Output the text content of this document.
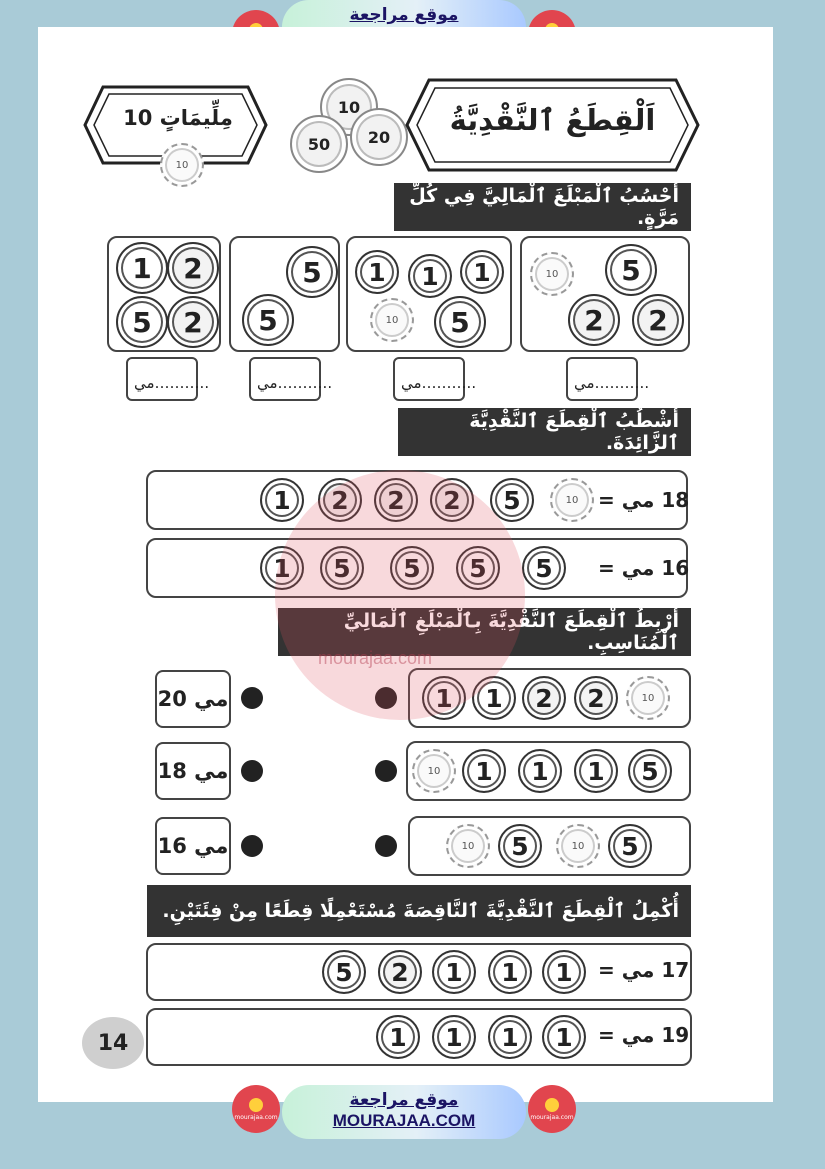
موقع مراجعة
10 مِلِّيمَاتٍ
10
10
50	20	اَلْقِطَعُ ٱلنَّقْدِيَّةُ
أَحْسُبُ ٱلْمَبْلَغَ ٱلْمَالِيَّ فِي كُلِّ مَرَّةٍ.
1	2
5	2
5
5
1	1	1
10	5
10	5
2	2
مي………..	مي………..	مي………..	مي………..
أَشْطُبُ ٱلْقِطَعَ ٱلنَّقْدِيَّةَ ٱلزَّائِدَةَ.
1	2	2	2	5	10 18 مي =
1	5	5	5	5	16 مي =
أَرْبِطُ ٱلْقِطَعَ ٱلنَّقْدِيَّةَ بِٱلْمَبْلَغِ ٱلْمَالِيِّ ٱلْمُنَاسِبِ.
20 مي
18 مي
16 مي
1	1	2	2	10
10	1	1	1	5
10	5	10	5
أُكْمِلُ ٱلْقِطَعَ ٱلنَّقْدِيَّةَ ٱلنَّاقِصَةَ مُسْتَعْمِلًا قِطَعًا مِنْ فِئَتَيْنِ.
5	2	1	1	1	17 مي =
1	1	1	1	19 مي =
14
mourajaa.com
mourajaa.com
موقع مراجعة
MOURAJAA.COM	mourajaa.com
